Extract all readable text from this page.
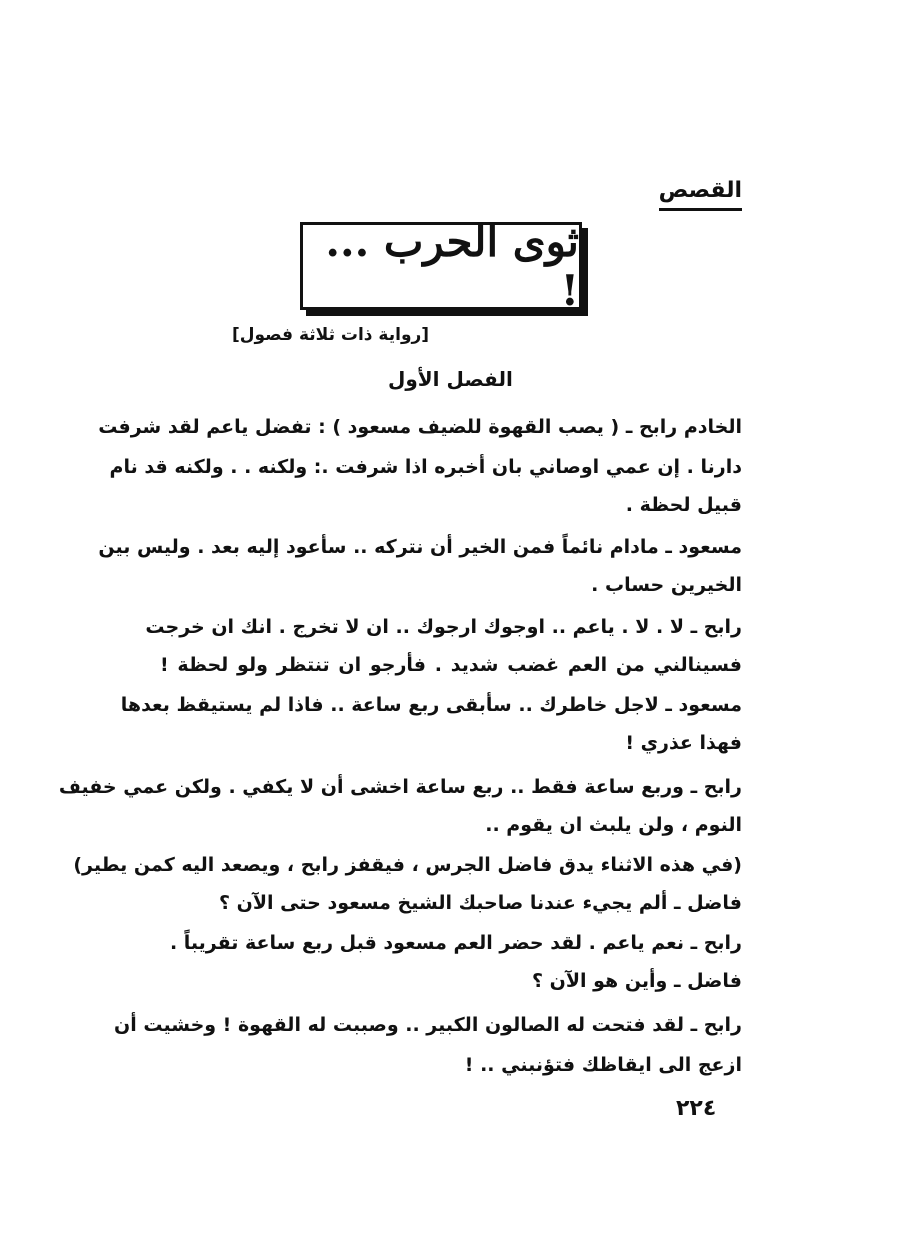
القصص
ثوى الحرب ... !
[رواية ذات ثلاثة فصول]
الفصل الأول
الخادم رابح ـ ( يصب القهوة للضيف مسعود ) : تفضل ياعم لقد شرفت
دارنا . إن عمي اوصاني بان أخبره اذا شرفت .: ولكنه . . ولكنه قد نام
قبيل لحظة .
مسعود ـ مادام نائماً فمن الخير أن نتركه .. سأعود إليه بعد . وليس بين
الخيرين حساب .
رابح ـ لا . لا . ياعم .. اوجوك ارجوك .. ان لا تخرج . انك ان خرجت
فسينالني من العم غضب شديد . فأرجو ان تنتظر ولو لحظة !
مسعود ـ لاجل خاطرك .. سأبقى ربع ساعة .. فاذا لم يستيقظ بعدها
فهذا عذري !
رابح ـ وربع ساعة فقط .. ربع ساعة اخشى أن لا يكفي . ولكن عمي خفيف
النوم ، ولن يلبث ان يقوم ..
(في هذه الاثناء يدق فاضل الجرس ، فيقفز رابح ، ويصعد اليه كمن يطير)
فاضل ـ ألم يجيء عندنا صاحبك الشيخ مسعود حتى الآن ؟
رابح ـ نعم ياعم . لقد حضر العم مسعود قبل ربع ساعة تقريباً .
فاضل ـ وأين هو الآن ؟
رابح ـ لقد فتحت له الصالون الكبير .. وصببت له القهوة ! وخشيت أن
ازعج الى ايقاظك فتؤنبني .. !
٢٢٤
